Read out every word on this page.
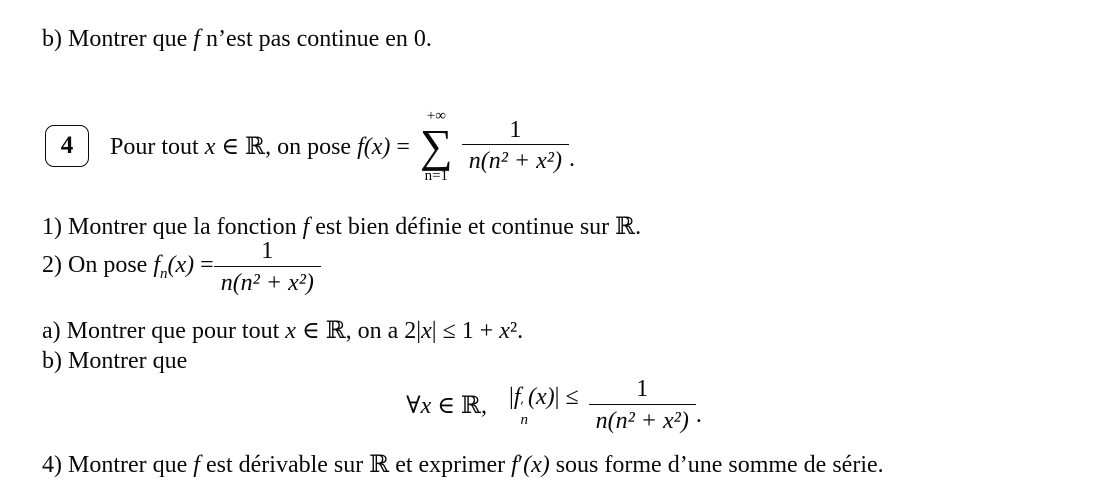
b) Montrer que f n’est pas continue en 0.
4	Pour tout x ∈ ℝ, on pose f(x) =
+∞
∑
$n=1 \frac{1}{\text{n(n² + x²)}}$ .
1) Montrer que la fonction f est bien définie et continue sur ℝ.
2) On pose $f_n(x) = \frac{1}{\text{n(n² + x²)}}$
a) Montrer que pour tout x ∈ ℝ, on a 2|x| ≤ 1 + x².
b) Montrer que
∀x ∈ ℝ, |f ′
n
$(x)| \le \frac{1}{\text{n(n² + x²)}}$ .
4) Montrer que f est dérivable sur ℝ et exprimer f′(x) sous forme d’une somme de série.
